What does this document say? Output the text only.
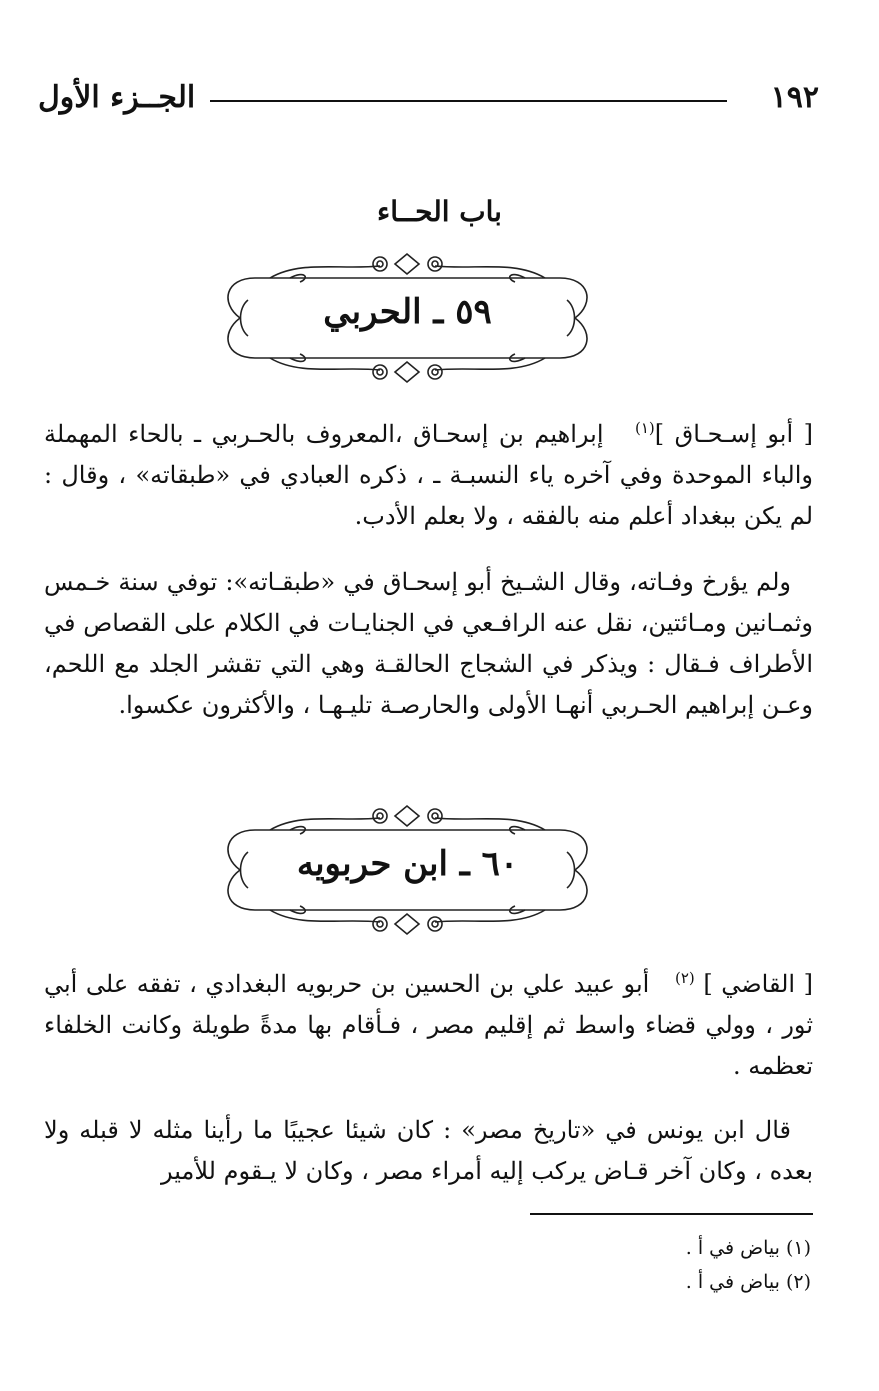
١٩٢
الجــزء الأول
باب الحــاء
٥٩ ـ الحربي
[ أبو إسـحـاق ]$^{(١)}$   إبراهيم بن إسحـاق ،المعروف بالحـربي ـ بالحاء المهملة والباء الموحدة وفي آخره ياء النسبـة ـ ، ذكره العبادي في «طبقاته» ، وقال : لم يكن ببغداد أعلم منه بالفقه ، ولا بعلم الأدب.
ولم يؤرخ وفـاته، وقال الشـيخ أبو إسحـاق في «طبقـاته»: توفي سنة خـمس وثمـانين ومـائتين، نقل عنه الرافـعي في الجنايـات في الكلام على القصاص في الأطراف فـقال : ويذكر في الشجاج الحالقـة وهي التي تقشر الجلد مع اللحم، وعـن إبراهيم الحـربي أنهـا الأولى والحارصـة تليـهـا ، والأكثرون عكسوا.
٦٠ ـ ابن حربويه
[ القاضي ] $^{(٢)}$   أبو عبيد علي بن الحسين بن حربويه البغدادي ، تفقه على أبي ثور ، وولي قضاء واسط ثم إقليم مصر ، فـأقام بها مدةً طويلة وكانت الخلفاء تعظمه .
قال ابن يونس في «تاريخ مصر» : كان شيئا عجيبًا ما رأينا مثله لا قبله ولا بعده ، وكان آخر قـاض يركب إليه أمراء مصر ، وكان لا يـقوم للأمير
(١) بياض في أ .
(٢) بياض في أ .
